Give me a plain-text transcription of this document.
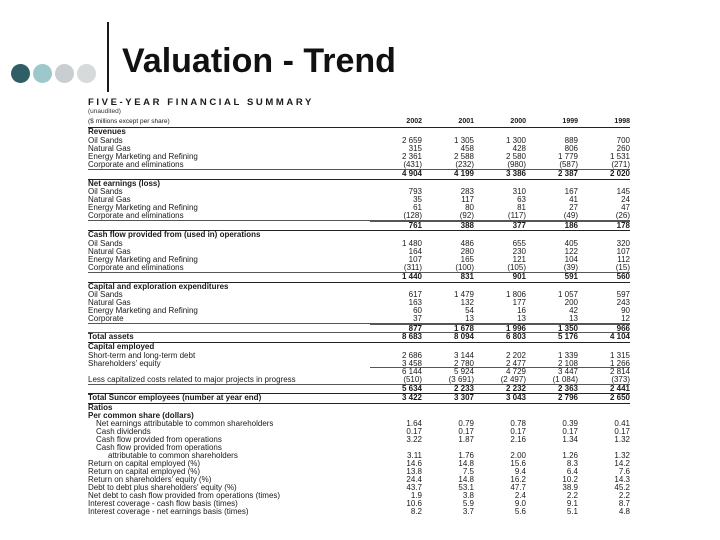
Valuation - Trend
FIVE-YEAR FINANCIAL SUMMARY
(unaudited)
($ millions except per share)	2002	2001	2000	1999	1998
Revenues
Oil Sands	2 659	1 305	1 300	889	700
Natural Gas	315	458	428	806	260
Energy Marketing and Refining	2 361	2 588	2 580	1 779	1 531
Corporate and eliminations	(431)	(232)	(980)	(587)	(271)
4 904	4 199	3 386	2 387	2 020
Net earnings (loss)
Oil Sands	793	283	310	167	145
Natural Gas	35	117	63	41	24
Energy Marketing and Refining	61	80	81	27	47
Corporate and eliminations	(128)	(92)	(117)	(49)	(26)
761	388	377	186	178
Cash flow provided from (used in) operations
Oil Sands	1 480	486	655	405	320
Natural Gas	164	280	230	122	107
Energy Marketing and Refining	107	165	121	104	112
Corporate and eliminations	(311)	(100)	(105)	(39)	(15)
1 440	831	901	591	560
Capital and exploration expenditures
Oil Sands	617	1 479	1 806	1 057	597
Natural Gas	163	132	177	200	243
Energy Marketing and Refining	60	54	16	42	90
Corporate	37	13	13	13	12
877	1 678	1 996	1 350	966
Total assets	8 683	8 094	6 803	5 176	4 104
Capital employed
Short-term and long-term debt	2 686	3 144	2 202	1 339	1 315
Shareholders' equity	3 458	2 780	2 477	2 108	1 266
6 144	5 924	4 729	3 447	2 814
Less capitalized costs related to major projects in progress	(510)	(3 691)	(2 497)	(1 084)	(373)
5 634	2 233	2 232	2 363	2 441
Total Suncor employees (number at year end)	3 422	3 307	3 043	2 796	2 650
Ratios
Per common share (dollars)
Net earnings attributable to common shareholders	1.64	0.79	0.78	0.39	0.41
Cash dividends	0.17	0.17	0.17	0.17	0.17
Cash flow provided from operations	3.22	1.87	2.16	1.34	1.32
Cash flow provided from operations
attributable to common shareholders	3.11	1.76	2.00	1.26	1.32
Return on capital employed (%)	14.6	14.8	15.6	8.3	14.2
Return on capital employed (%)	13.8	7.5	9.4	6.4	7.6
Return on shareholders' equity (%)	24.4	14.8	16.2	10.2	14.3
Debt to debt plus shareholders' equity (%)	43.7	53.1	47.7	38.9	45.2
Net debt to cash flow provided from operations (times)	1.9	3.8	2.4	2.2	2.2
Interest coverage - cash flow basis (times)	10.6	5.9	9.0	9.1	8.7
Interest coverage - net earnings basis (times)	8.2	3.7	5.6	5.1	4.8
